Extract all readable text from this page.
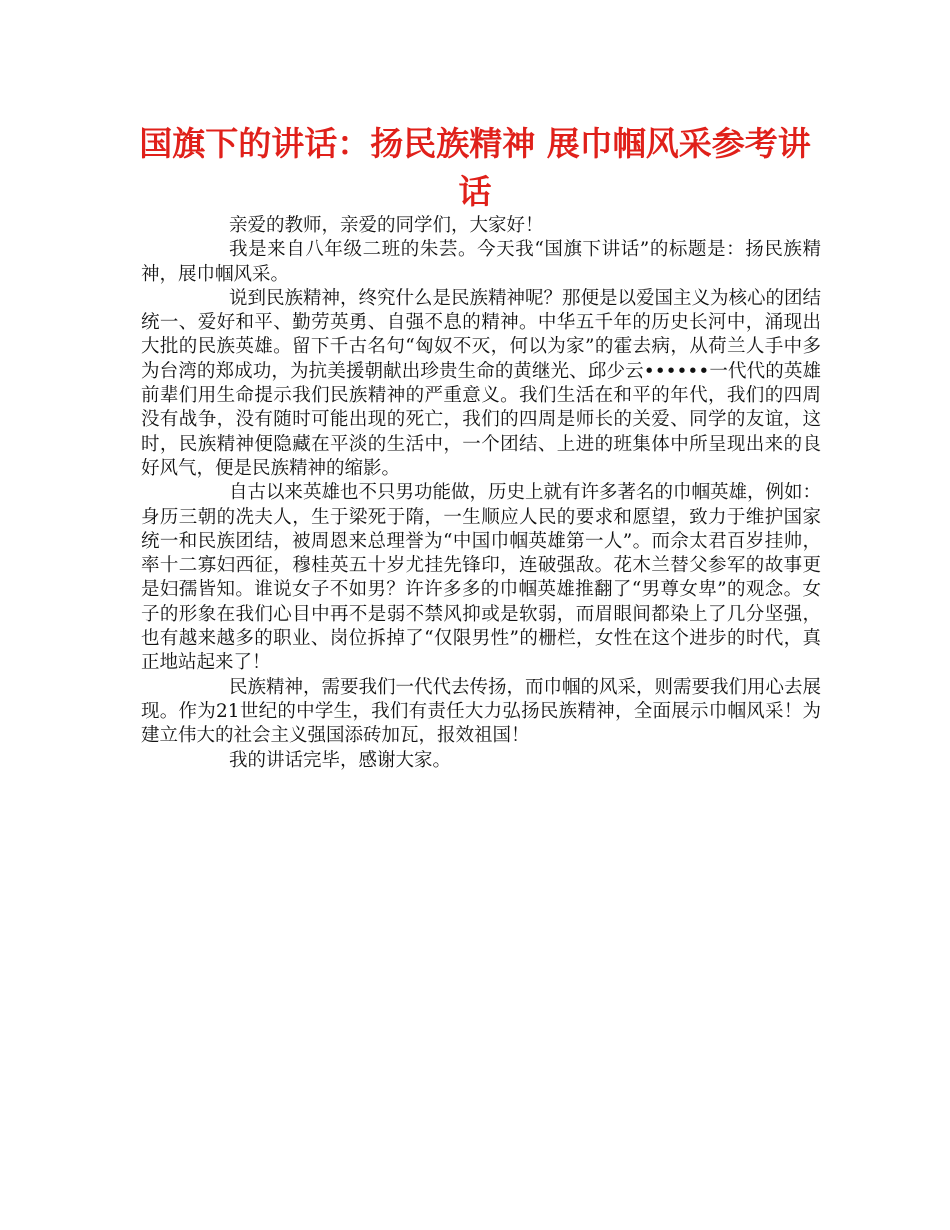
国旗下的讲话：扬民族精神 展巾帼风采参考讲话

亲爱的教师，亲爱的同学们，大家好！

我是来自八年级二班的朱芸。今天我“国旗下讲话”的标题是：扬民族精神，展巾帼风采。

说到民族精神，终究什么是民族精神呢？那便是以爱国主义为核心的团结统一、爱好和平、勤劳英勇、自强不息的精神。中华五千年的历史长河中，涌现出大批的民族英雄。留下千古名句“匈奴不灭，何以为家”的霍去病，从荷兰人手中多为台湾的郑成功，为抗美援朝献出珍贵生命的黄继光、邱少云••••••一代代的英雄前辈们用生命提示我们民族精神的严重意义。我们生活在和平的年代，我们的四周没有战争，没有随时可能出现的死亡，我们的四周是师长的关爱、同学的友谊，这时，民族精神便隐藏在平淡的生活中，一个团结、上进的班集体中所呈现出来的良好风气，便是民族精神的缩影。

自古以来英雄也不只男功能做，历史上就有许多著名的巾帼英雄，例如：身历三朝的冼夫人，生于梁死于隋，一生顺应人民的要求和愿望，致力于维护国家统一和民族团结，被周恩来总理誉为“中国巾帼英雄第一人”。而佘太君百岁挂帅，率十二寡妇西征，穆桂英五十岁尤挂先锋印，连破强敌。花木兰替父参军的故事更是妇孺皆知。谁说女子不如男？许许多多的巾帼英雄推翻了“男尊女卑”的观念。女子的形象在我们心目中再不是弱不禁风抑或是软弱，而眉眼间都染上了几分坚强，也有越来越多的职业、岗位拆掉了“仅限男性”的栅栏，女性在这个进步的时代，真正地站起来了！

民族精神，需要我们一代代去传扬，而巾帼的风采，则需要我们用心去展现。作为21世纪的中学生，我们有责任大力弘扬民族精神，全面展示巾帼风采！为建立伟大的社会主义强国添砖加瓦，报效祖国！

我的讲话完毕，感谢大家。
